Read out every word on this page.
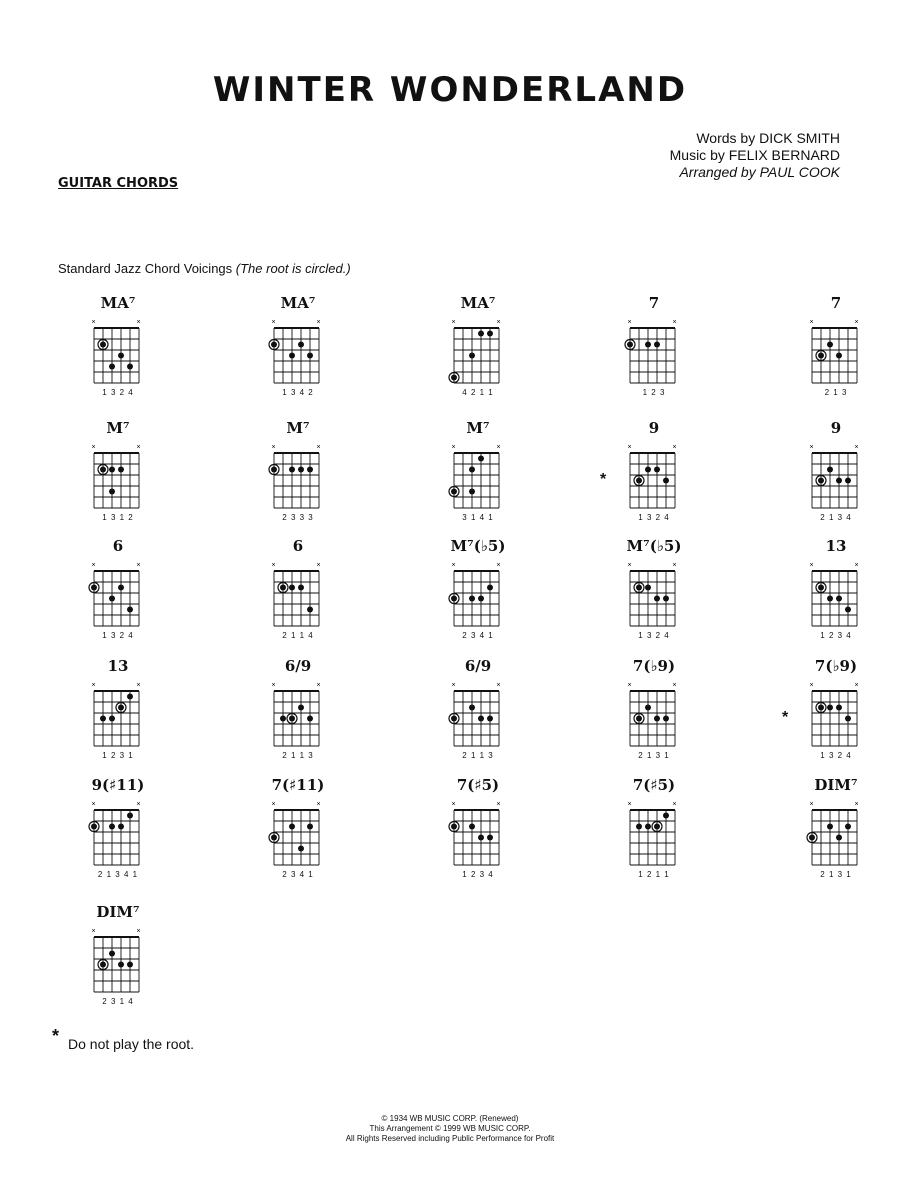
WINTER WONDERLAND
Words by DICK SMITH
Music by FELIX BERNARD
Arranged by PAUL COOK
GUITAR CHORDS
Standard Jazz Chord Voicings (The root is circled.)
MA⁷
×	×
1 3 2 4
MA⁷
×	×
1 3 4 2
MA⁷
×	×
4 2 1 1
7
×	×
1 2 3
7
×	×
2 1 3
M⁷
×	×
1 3 1 2
M⁷
×	×
2 3 3 3
M⁷
×	×
3 1 4 1
9
×	×
1 3 2 4
*
9
×	×
2 1 3 4
6
×	×
1 3 2 4
6
×	×
2 1 1 4
M⁷(♭5)
×	×
2 3 4 1
M⁷(♭5)
×	×
1 3 2 4
13
×	×
1 2 3 4
13
×	×
1 2 3 1
6/9
×	×
2 1 1 3
6/9
×	×
2 1 1 3
7(♭9)
×	×
2 1 3 1
7(♭9)
×	×
1 3 2 4
*
9(♯11)
×	×
2 1 3 4 1
7(♯11)
×	×
2 3 4 1
7(♯5)
×	×
1 2 3 4
7(♯5)
×	×
1 2 1 1
DIM⁷
×	×
2 1 3 1
DIM⁷
×	×
2 3 1 4
* Do not play the root.
© 1934 WB MUSIC CORP. (Renewed)
This Arrangement © 1999 WB MUSIC CORP.
All Rights Reserved including Public Performance for Profit
